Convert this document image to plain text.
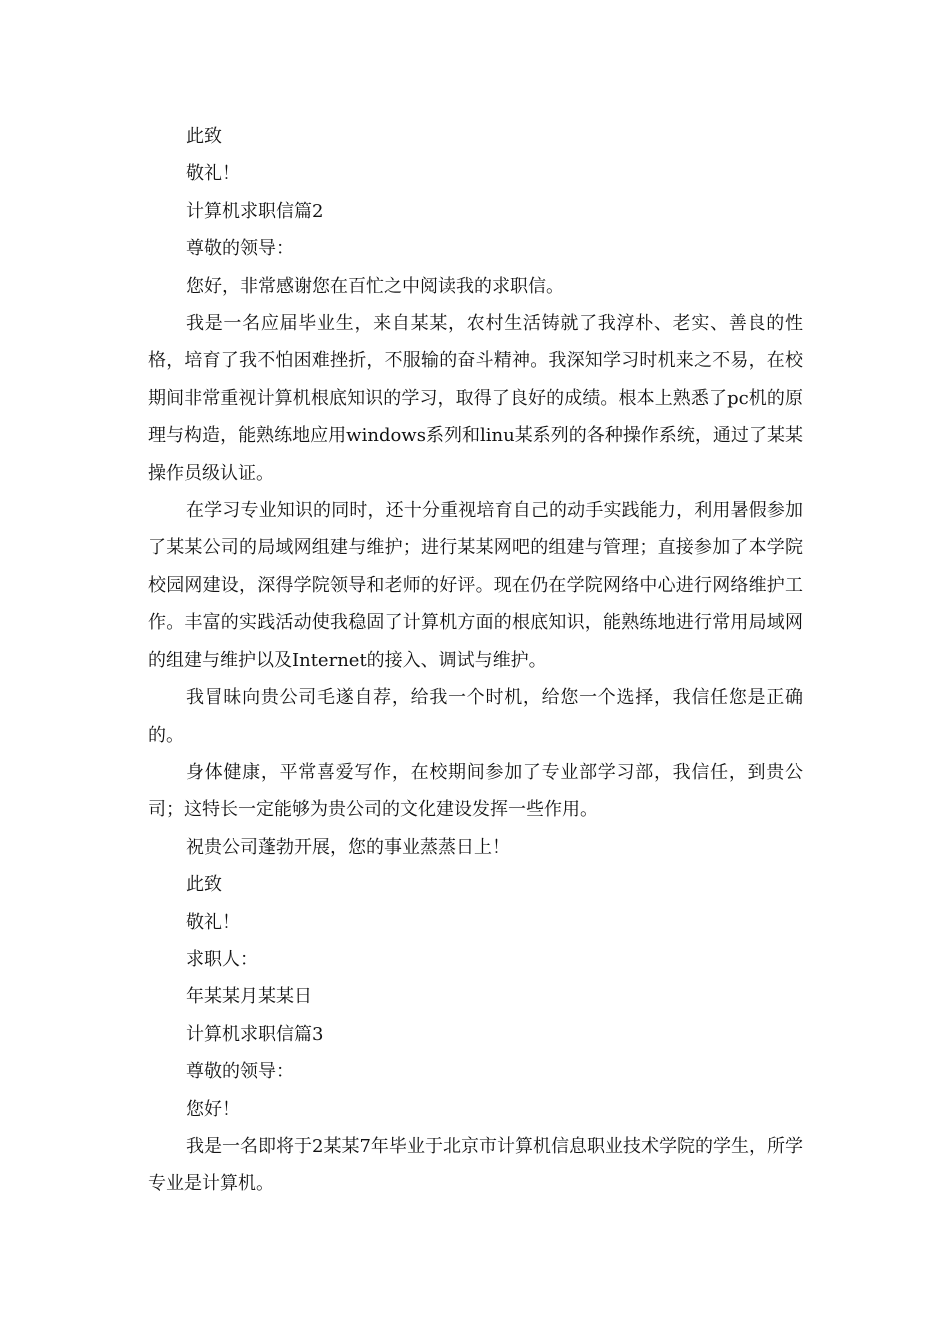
此致

敬礼！

计算机求职信篇2

尊敬的领导：

您好，非常感谢您在百忙之中阅读我的求职信。

我是一名应届毕业生，来自某某，农村生活铸就了我淳朴、老实、善良的性格，培育了我不怕困难挫折，不服输的奋斗精神。我深知学习时机来之不易，在校期间非常重视计算机根底知识的学习，取得了良好的成绩。根本上熟悉了pc机的原理与构造，能熟练地应用windows系列和linu某系列的各种操作系统，通过了某某操作员级认证。

在学习专业知识的同时，还十分重视培育自己的动手实践能力，利用暑假参加了某某公司的局域网组建与维护；进行某某网吧的组建与管理；直接参加了本学院校园网建设，深得学院领导和老师的好评。现在仍在学院网络中心进行网络维护工作。丰富的实践活动使我稳固了计算机方面的根底知识，能熟练地进行常用局域网的组建与维护以及Internet的接入、调试与维护。

我冒昧向贵公司毛遂自荐，给我一个时机，给您一个选择，我信任您是正确的。

身体健康，平常喜爱写作，在校期间参加了专业部学习部，我信任，到贵公司；这特长一定能够为贵公司的文化建设发挥一些作用。

祝贵公司蓬勃开展，您的事业蒸蒸日上！

此致

敬礼！

求职人：

年某某月某某日

计算机求职信篇3

尊敬的领导：

您好！

我是一名即将于2某某7年毕业于北京市计算机信息职业技术学院的学生，所学专业是计算机。
